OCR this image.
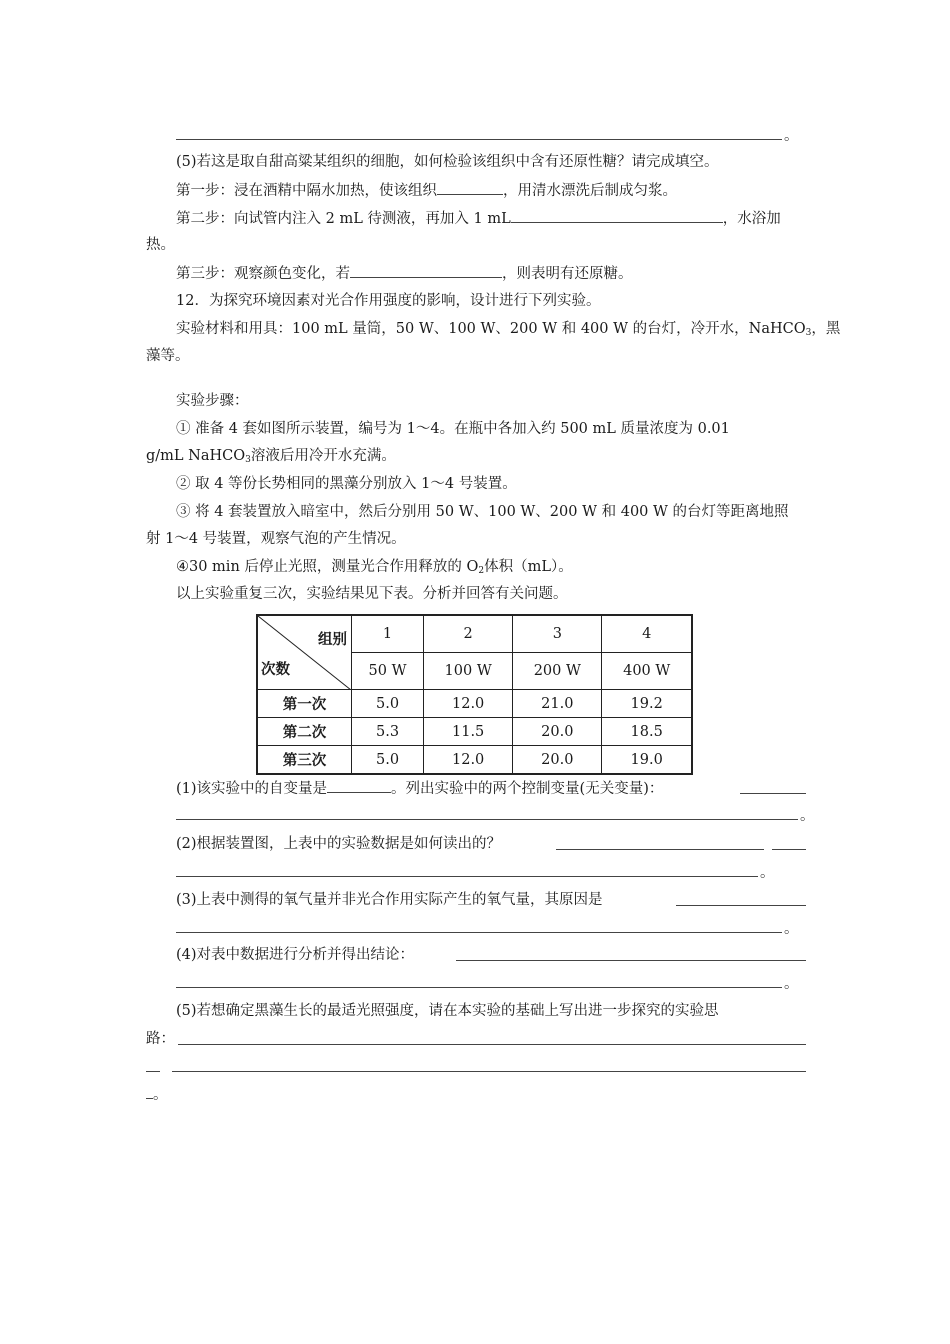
。
(5)若这是取自甜高粱某组织的细胞，如何检验该组织中含有还原性糖？请完成填空。
第一步：浸在酒精中隔水加热，使该组织	，用清水漂洗后制成匀浆。
第二步：向试管内注入 2 mL 待测液，再加入 1 mL	，水浴加
热。
第三步：观察颜色变化，若	，则表明有还原糖。
12．为探究环境因素对光合作用强度的影响，设计进行下列实验。
实验材料和用具：100 mL 量筒，50 W、100 W、200 W 和 400 W 的台灯，冷开水，NaHCO$_3$，黑
藻等。
实验步骤：
① 准备 4 套如图所示装置，编号为 1～4。在瓶中各加入约 500 mL 质量浓度为 0.01
g/mL NaHCO$_3$溶液后用冷开水充满。
② 取 4 等份长势相同的黑藻分别放入 1～4 号装置。
③ 将 4 套装置放入暗室中，然后分别用 50 W、100 W、200 W 和 400 W 的台灯等距离地照
射 1～4 号装置，观察气泡的产生情况。
④30 min 后停止光照，测量光合作用释放的 $O_2$体积（mL）。
以上实验重复三次，实验结果见下表。分析并回答有关问题。
组别
次数	1	2	3	4
	50 W	100 W	200 W	400 W
第一次	5.0	12.0	21.0	19.2
第二次	5.3	11.5	20.0	18.5
第三次	5.0	12.0	20.0	19.0
(1)该实验中的自变量是	。列出实验中的两个控制变量(无关变量)：
。
(2)根据装置图，上表中的实验数据是如何读出的？
。
(3)上表中测得的氧气量并非光合作用实际产生的氧气量，其原因是
。
(4)对表中数据进行分析并得出结论：
。
(5)若想确定黑藻生长的最适光照强度，请在本实验的基础上写出进一步探究的实验思
路：
。
